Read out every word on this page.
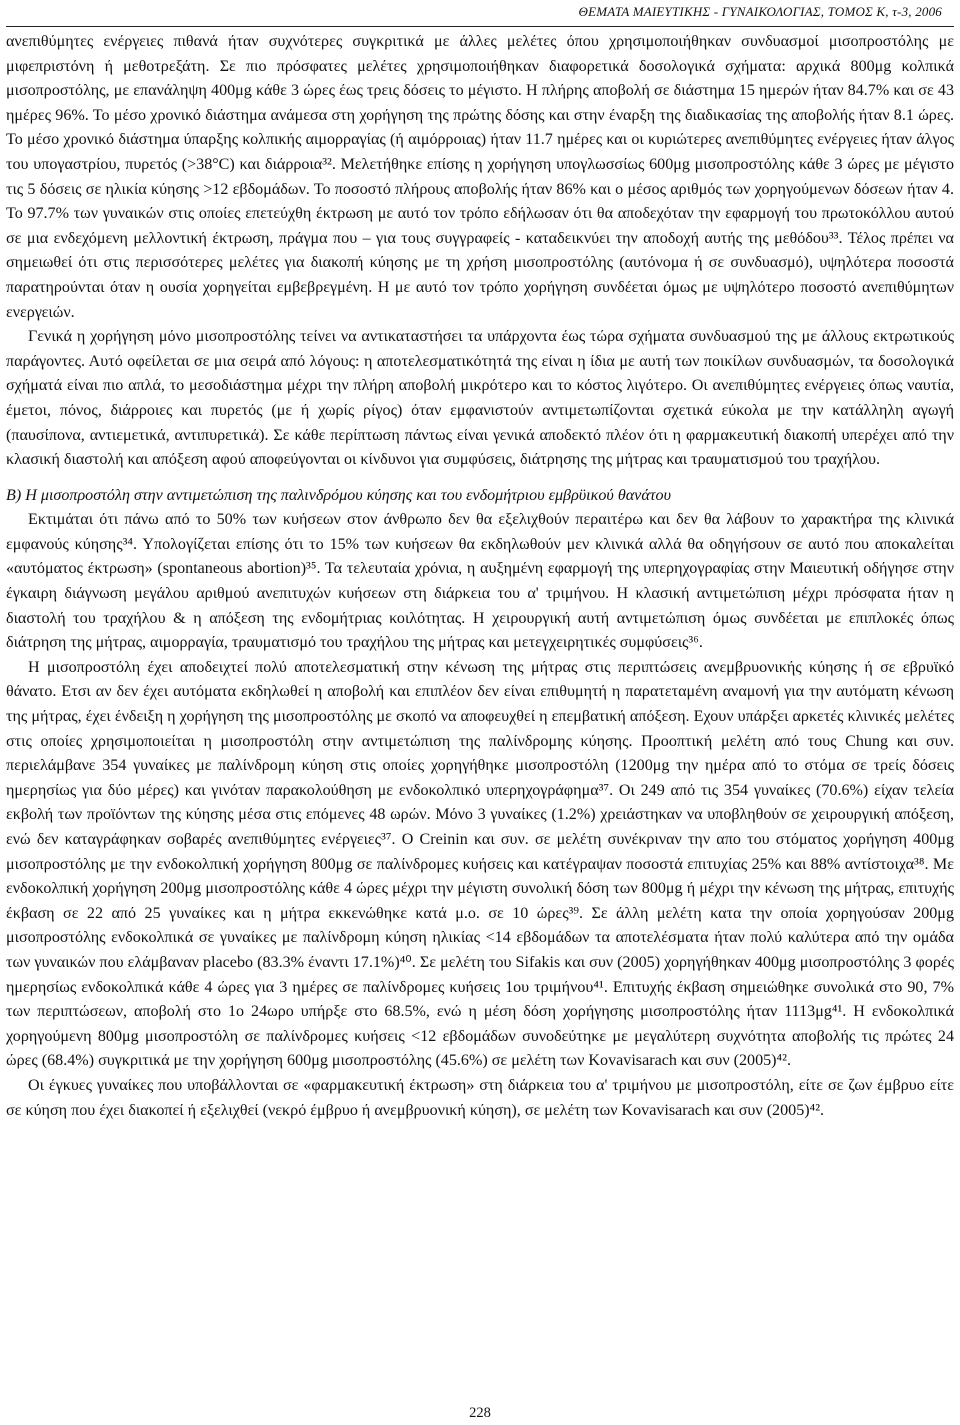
ΘΕΜΑΤΑ ΜΑΙΕΥΤΙΚΗΣ - ΓΥΝΑΙΚΟΛΟΓΙΑΣ, ΤΟΜΟΣ Κ, τ-3, 2006

ανεπιθύμητες ενέργειες πιθανά ήταν συχνότερες συγκριτικά με άλλες μελέτες όπου χρησιμοποιήθηκαν συνδυασμοί μισοπροστόλης με μιφεπριστόνη ή μεθοτρεξάτη. Σε πιο πρόσφατες μελέτες χρησιμοποιήθηκαν διαφορετικά δοσολογικά σχήματα: αρχικά 800μg κολπικά μισοπροστόλης, με επανάληψη 400μg κάθε 3 ώρες έως τρεις δόσεις το μέγιστο. Η πλήρης αποβολή σε διάστημα 15 ημερών ήταν 84.7% και σε 43 ημέρες 96%. Το μέσο χρονικό διάστημα ανάμεσα στη χορήγηση της πρώτης δόσης και στην έναρξη της διαδικασίας της αποβολής ήταν 8.1 ώρες. Το μέσο χρονικό διάστημα ύπαρξης κολπικής αιμορραγίας (ή αιμόρροιας) ήταν 11.7 ημέρες και οι κυριώτερες ανεπιθύμητες ενέργειες ήταν άλγος του υπογαστρίου, πυρετός (>38°C) και διάρροια³². Μελετήθηκε επίσης η χορήγηση υπογλωσσίως 600μg μισοπροστόλης κάθε 3 ώρες με μέγιστο τις 5 δόσεις σε ηλικία κύησης >12 εβδομάδων. Το ποσοστό πλήρους αποβολής ήταν 86% και ο μέσος αριθμός των χορηγούμενων δόσεων ήταν 4. Το 97.7% των γυναικών στις οποίες επετεύχθη έκτρωση με αυτό τον τρόπο εδήλωσαν ότι θα αποδεχόταν την εφαρμογή του πρωτοκόλλου αυτού σε μια ενδεχόμενη μελλοντική έκτρωση, πράγμα που – για τους συγγραφείς - καταδεικνύει την αποδοχή αυτής της μεθόδου³³. Τέλος πρέπει να σημειωθεί ότι στις περισσότερες μελέτες για διακοπή κύησης με τη χρήση μισοπροστόλης (αυτόνομα ή σε συνδυασμό), υψηλότερα ποσοστά παρατηρούνται όταν η ουσία χορηγείται εμβεβρεγμένη. Η με αυτό τον τρόπο χορήγηση συνδέεται όμως με υψηλότερο ποσοστό ανεπιθύμητων ενεργειών.

Γενικά η χορήγηση μόνο μισοπροστόλης τείνει να αντικαταστήσει τα υπάρχοντα έως τώρα σχήματα συνδυασμού της με άλλους εκτρωτικούς παράγοντες. Αυτό οφείλεται σε μια σειρά από λόγους: η αποτελεσματικότητά της είναι η ίδια με αυτή των ποικίλων συνδυασμών, τα δοσολογικά σχήματά είναι πιο απλά, το μεσοδιάστημα μέχρι την πλήρη αποβολή μικρότερο και το κόστος λιγότερο. Οι ανεπιθύμητες ενέργειες όπως ναυτία, έμετοι, πόνος, διάρροιες και πυρετός (με ή χωρίς ρίγος) όταν εμφανιστούν αντιμετωπίζονται σχετικά εύκολα με την κατάλληλη αγωγή (παυσίπονα, αντιεμετικά, αντιπυρετικά). Σε κάθε περίπτωση πάντως είναι γενικά αποδεκτό πλέον ότι η φαρμακευτική διακοπή υπερέχει από την κλασική διαστολή και απόξεση αφού αποφεύγονται οι κίνδυνοι για συμφύσεις, διάτρησης της μήτρας και τραυματισμού του τραχήλου.

Β) Η μισοπροστόλη στην αντιμετώπιση της παλινδρόμου κύησης και του ενδομήτριου εμβρϋικού θανάτου

Εκτιμάται ότι πάνω από το 50% των κυήσεων στον άνθρωπο δεν θα εξελιχθούν περαιτέρω και δεν θα λάβουν το χαρακτήρα της κλινικά εμφανούς κύησης³⁴. Υπολογίζεται επίσης ότι το 15% των κυήσεων θα εκδηλωθούν μεν κλινικά αλλά θα οδηγήσουν σε αυτό που αποκαλείται «αυτόματος έκτρωση» (spontaneous abortion)³⁵. Τα τελευταία χρόνια, η αυξημένη εφαρμογή της υπερηχογραφίας στην Μαιευτική οδήγησε στην έγκαιρη διάγνωση μεγάλου αριθμού ανεπιτυχών κυήσεων στη διάρκεια του α' τριμήνου. Η κλασική αντιμετώπιση μέχρι πρόσφατα ήταν η διαστολή του τραχήλου & η απόξεση της ενδομήτριας κοιλότητας. Η χειρουργική αυτή αντιμετώπιση όμως συνδέεται με επιπλοκές όπως διάτρηση της μήτρας, αιμορραγία, τραυματισμό του τραχήλου της μήτρας και μετεγχειρητικές συμφύσεις³⁶.

Η μισοπροστόλη έχει αποδειχτεί πολύ αποτελεσματική στην κένωση της μήτρας στις περιπτώσεις ανεμβρυονικής κύησης ή σε εβρυϊκό θάνατο. Ετσι αν δεν έχει αυτόματα εκδηλωθεί η αποβολή και επιπλέον δεν είναι επιθυμητή η παρατεταμένη αναμονή για την αυτόματη κένωση της μήτρας, έχει ένδειξη η χορήγηση της μισοπροστόλης με σκοπό να αποφευχθεί η επεμβατική απόξεση. Εχουν υπάρξει αρκετές κλινικές μελέτες στις οποίες χρησιμοποιείται η μισοπροστόλη στην αντιμετώπιση της παλίνδρομης κύησης. Προοπτική μελέτη από τους Chung και συν. περιελάμβανε 354 γυναίκες με παλίνδρομη κύηση στις οποίες χορηγήθηκε μισοπροστόλη (1200μg την ημέρα από το στόμα σε τρείς δόσεις ημερησίως για δύο μέρες) και γινόταν παρακολούθηση με ενδοκολπικό υπερηχογράφημα³⁷. Οι 249 από τις 354 γυναίκες (70.6%) είχαν τελεία εκβολή των προϊόντων της κύησης μέσα στις επόμενες 48 ωρών. Μόνο 3 γυναίκες (1.2%) χρειάστηκαν να υποβληθούν σε χειρουργική απόξεση, ενώ δεν καταγράφηκαν σοβαρές ανεπιθύμητες ενέργειες³⁷. Ο Creinin και συν. σε μελέτη συνέκριναν την απο του στόματος χορήγηση 400μg μισοπροστόλης με την ενδοκολπική χορήγηση 800μg σε παλίνδρομες κυήσεις και κατέγραψαν ποσοστά επιτυχίας 25% και 88% αντίστοιχα³⁸. Με ενδοκολπική χορήγηση 200μg μισοπροστόλης κάθε 4 ώρες μέχρι την μέγιστη συνολική δόση των 800μg ή μέχρι την κένωση της μήτρας, επιτυχής έκβαση σε 22 από 25 γυναίκες και η μήτρα εκκενώθηκε κατά μ.ο. σε 10 ώρες³⁹. Σε άλλη μελέτη κατα την οποία χορηγούσαν 200μg μισοπροστόλης ενδοκολπικά σε γυναίκες με παλίνδρομη κύηση ηλικίας <14 εβδομάδων τα αποτελέσματα ήταν πολύ καλύτερα από την ομάδα των γυναικών που ελάμβαναν placebo (83.3% έναντι 17.1%)⁴⁰. Σε μελέτη του Sifakis και συν (2005) χορηγήθηκαν 400μg μισοπροστόλης 3 φορές ημερησίως ενδοκολπικά κάθε 4 ώρες για 3 ημέρες σε παλίνδρομες κυήσεις 1ου τριμήνου⁴¹. Επιτυχής έκβαση σημειώθηκε συνολικά στο 90, 7% των περιπτώσεων, αποβολή στο 1ο 24ωρο υπήρξε στο 68.5%, ενώ η μέση δόση χορήγησης μισοπροστόλης ήταν 1113μg⁴¹. Η ενδοκολπικά χορηγούμενη 800μg μισοπροστόλη σε παλίνδρομες κυήσεις <12 εβδομάδων συνοδεύτηκε με μεγαλύτερη συχνότητα αποβολής τις πρώτες 24 ώρες (68.4%) συγκριτικά με την χορήγηση 600μg μισοπροστόλης (45.6%) σε μελέτη των Kovavisarach και συν (2005)⁴².

Οι έγκυες γυναίκες που υποβάλλονται σε «φαρμακευτική έκτρωση» στη διάρκεια του α' τριμήνου με μισοπροστόλη, είτε σε ζων έμβρυο είτε σε κύηση που έχει διακοπεί ή εξελιχθεί (νεκρό έμβρυο ή ανεμβρυονική κύηση), σε μελέτη των Kovavisarach και συν (2005)⁴².

228
